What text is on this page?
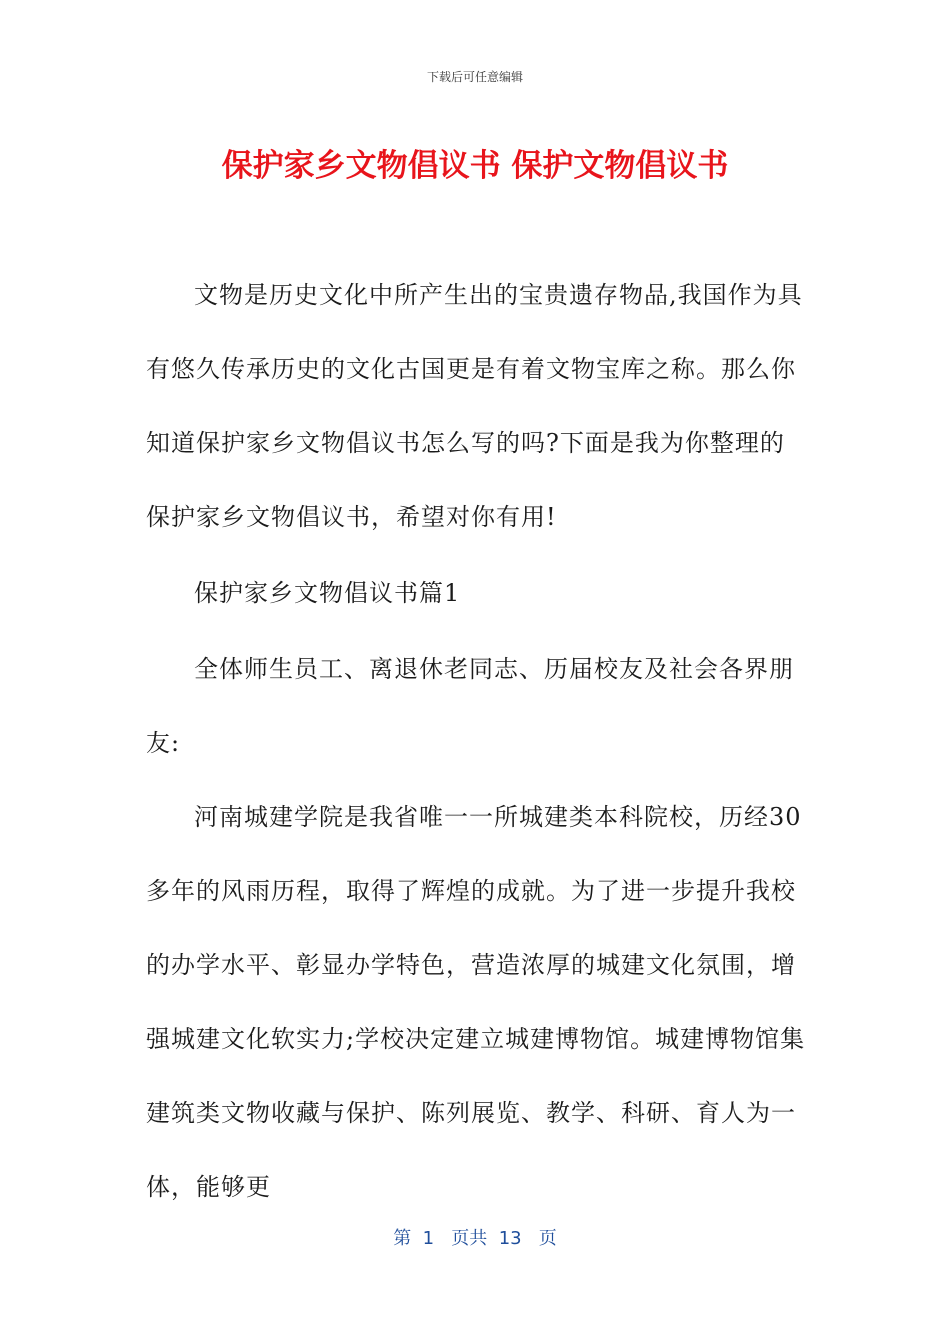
下载后可任意编辑
保护家乡文物倡议书 保护文物倡议书

文物是历史文化中所产生出的宝贵遗存物品,我国作为具有悠久传承历史的文化古国更是有着文物宝库之称。那么你知道保护家乡文物倡议书怎么写的吗?下面是我为你整理的保护家乡文物倡议书，希望对你有用!

保护家乡文物倡议书篇1

全体师生员工、离退休老同志、历届校友及社会各界朋友:

河南城建学院是我省唯一一所城建类本科院校，历经30多年的风雨历程，取得了辉煌的成就。为了进一步提升我校的办学水平、彰显办学特色，营造浓厚的城建文化氛围，增强城建文化软实力;学校决定建立城建博物馆。城建博物馆集建筑类文物收藏与保护、陈列展览、教学、科研、育人为一体，能够更

第  1   页共  13   页
